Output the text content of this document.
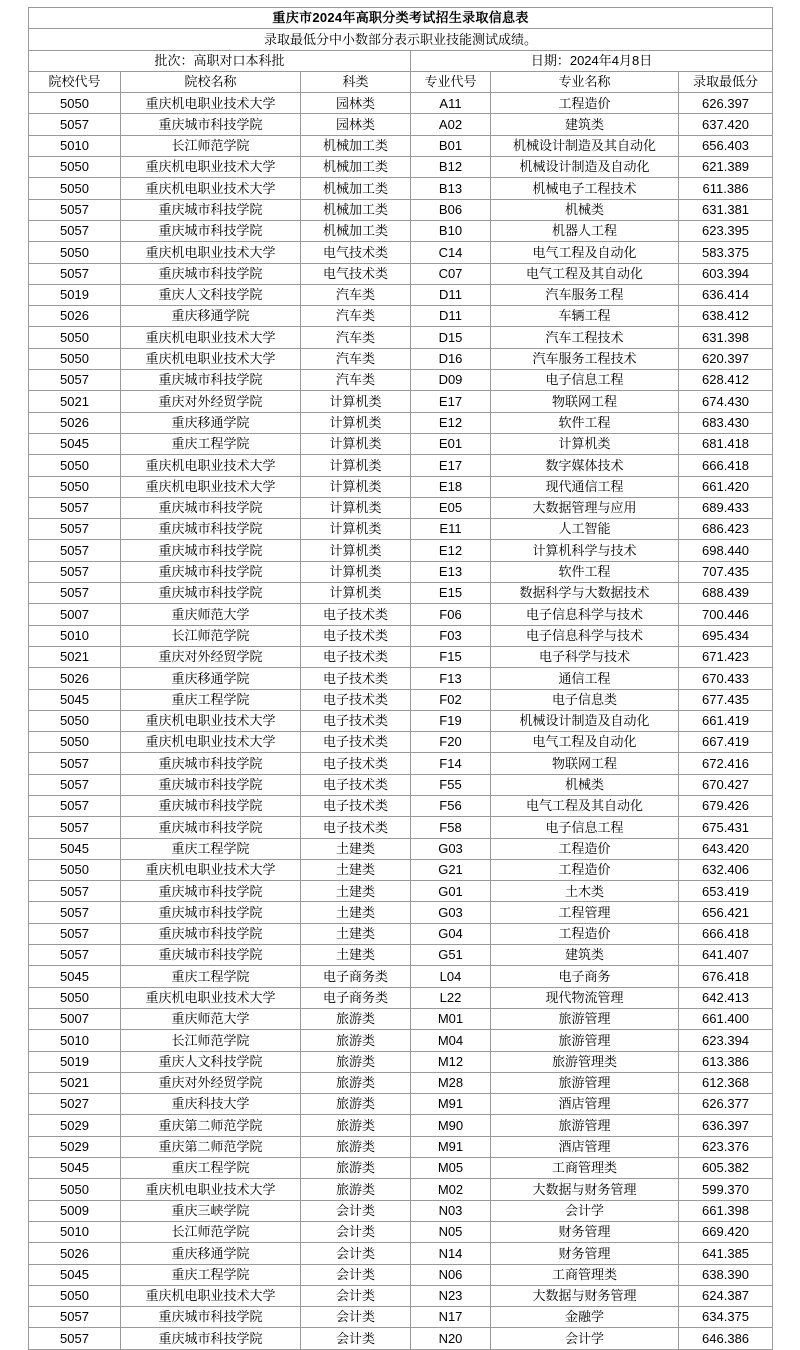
重庆市2024年高职分类考试招生录取信息表					
录取最低分中小数部分表示职业技能测试成绩。					
批次：高职对口本科批			日期：2024年4月8日		
院校代号	院校名称	科类	专业代号	专业名称	录取最低分
5050	重庆机电职业技术大学	园林类	A11	工程造价	626.397
5057	重庆城市科技学院	园林类	A02	建筑类	637.420
5010	长江师范学院	机械加工类	B01	机械设计制造及其自动化	656.403
5050	重庆机电职业技术大学	机械加工类	B12	机械设计制造及自动化	621.389
5050	重庆机电职业技术大学	机械加工类	B13	机械电子工程技术	611.386
5057	重庆城市科技学院	机械加工类	B06	机械类	631.381
5057	重庆城市科技学院	机械加工类	B10	机器人工程	623.395
5050	重庆机电职业技术大学	电气技术类	C14	电气工程及自动化	583.375
5057	重庆城市科技学院	电气技术类	C07	电气工程及其自动化	603.394
5019	重庆人文科技学院	汽车类	D11	汽车服务工程	636.414
5026	重庆移通学院	汽车类	D11	车辆工程	638.412
5050	重庆机电职业技术大学	汽车类	D15	汽车工程技术	631.398
5050	重庆机电职业技术大学	汽车类	D16	汽车服务工程技术	620.397
5057	重庆城市科技学院	汽车类	D09	电子信息工程	628.412
5021	重庆对外经贸学院	计算机类	E17	物联网工程	674.430
5026	重庆移通学院	计算机类	E12	软件工程	683.430
5045	重庆工程学院	计算机类	E01	计算机类	681.418
5050	重庆机电职业技术大学	计算机类	E17	数字媒体技术	666.418
5050	重庆机电职业技术大学	计算机类	E18	现代通信工程	661.420
5057	重庆城市科技学院	计算机类	E05	大数据管理与应用	689.433
5057	重庆城市科技学院	计算机类	E11	人工智能	686.423
5057	重庆城市科技学院	计算机类	E12	计算机科学与技术	698.440
5057	重庆城市科技学院	计算机类	E13	软件工程	707.435
5057	重庆城市科技学院	计算机类	E15	数据科学与大数据技术	688.439
5007	重庆师范大学	电子技术类	F06	电子信息科学与技术	700.446
5010	长江师范学院	电子技术类	F03	电子信息科学与技术	695.434
5021	重庆对外经贸学院	电子技术类	F15	电子科学与技术	671.423
5026	重庆移通学院	电子技术类	F13	通信工程	670.433
5045	重庆工程学院	电子技术类	F02	电子信息类	677.435
5050	重庆机电职业技术大学	电子技术类	F19	机械设计制造及自动化	661.419
5050	重庆机电职业技术大学	电子技术类	F20	电气工程及自动化	667.419
5057	重庆城市科技学院	电子技术类	F14	物联网工程	672.416
5057	重庆城市科技学院	电子技术类	F55	机械类	670.427
5057	重庆城市科技学院	电子技术类	F56	电气工程及其自动化	679.426
5057	重庆城市科技学院	电子技术类	F58	电子信息工程	675.431
5045	重庆工程学院	土建类	G03	工程造价	643.420
5050	重庆机电职业技术大学	土建类	G21	工程造价	632.406
5057	重庆城市科技学院	土建类	G01	土木类	653.419
5057	重庆城市科技学院	土建类	G03	工程管理	656.421
5057	重庆城市科技学院	土建类	G04	工程造价	666.418
5057	重庆城市科技学院	土建类	G51	建筑类	641.407
5045	重庆工程学院	电子商务类	L04	电子商务	676.418
5050	重庆机电职业技术大学	电子商务类	L22	现代物流管理	642.413
5007	重庆师范大学	旅游类	M01	旅游管理	661.400
5010	长江师范学院	旅游类	M04	旅游管理	623.394
5019	重庆人文科技学院	旅游类	M12	旅游管理类	613.386
5021	重庆对外经贸学院	旅游类	M28	旅游管理	612.368
5027	重庆科技大学	旅游类	M91	酒店管理	626.377
5029	重庆第二师范学院	旅游类	M90	旅游管理	636.397
5029	重庆第二师范学院	旅游类	M91	酒店管理	623.376
5045	重庆工程学院	旅游类	M05	工商管理类	605.382
5050	重庆机电职业技术大学	旅游类	M02	大数据与财务管理	599.370
5009	重庆三峡学院	会计类	N03	会计学	661.398
5010	长江师范学院	会计类	N05	财务管理	669.420
5026	重庆移通学院	会计类	N14	财务管理	641.385
5045	重庆工程学院	会计类	N06	工商管理类	638.390
5050	重庆机电职业技术大学	会计类	N23	大数据与财务管理	624.387
5057	重庆城市科技学院	会计类	N17	金融学	634.375
5057	重庆城市科技学院	会计类	N20	会计学	646.386
